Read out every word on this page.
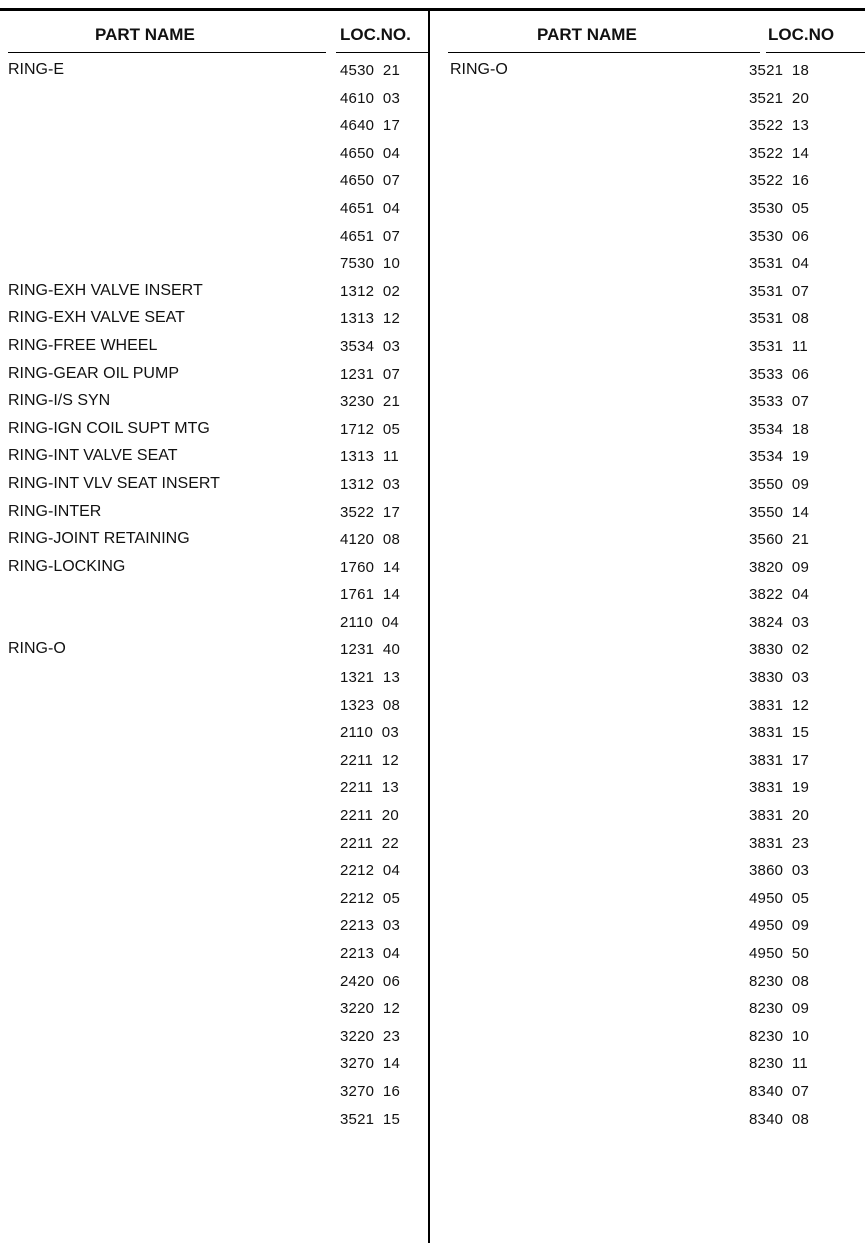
PART NAME	LOC.NO.
RING-E	4530  21
4610  03
4640  17
4650  04
4650  07
4651  04
4651  07
7530  10
RING-EXH VALVE INSERT	1312  02
RING-EXH VALVE SEAT	1313  12
RING-FREE WHEEL	3534  03
RING-GEAR OIL PUMP	1231  07
RING-I/S SYN	3230  21
RING-IGN COIL SUPT MTG	1712  05
RING-INT VALVE SEAT	1313  11
RING-INT VLV SEAT INSERT	1312  03
RING-INTER	3522  17
RING-JOINT RETAINING	4120  08
RING-LOCKING	1760  14
1761  14
2110  04
RING-O	1231  40
1321  13
1323  08
2110  03
2211  12
2211  13
2211  20
2211  22
2212  04
2212  05
2213  03
2213  04
2420  06
3220  12
3220  23
3270  14
3270  16
3521  15
PART NAME	LOC.NO
RING-O	3521  18
3521  20
3522  13
3522  14
3522  16
3530  05
3530  06
3531  04
3531  07
3531  08
3531  11
3533  06
3533  07
3534  18
3534  19
3550  09
3550  14
3560  21
3820  09
3822  04
3824  03
3830  02
3830  03
3831  12
3831  15
3831  17
3831  19
3831  20
3831  23
3860  03
4950  05
4950  09
4950  50
8230  08
8230  09
8230  10
8230  11
8340  07
8340  08
